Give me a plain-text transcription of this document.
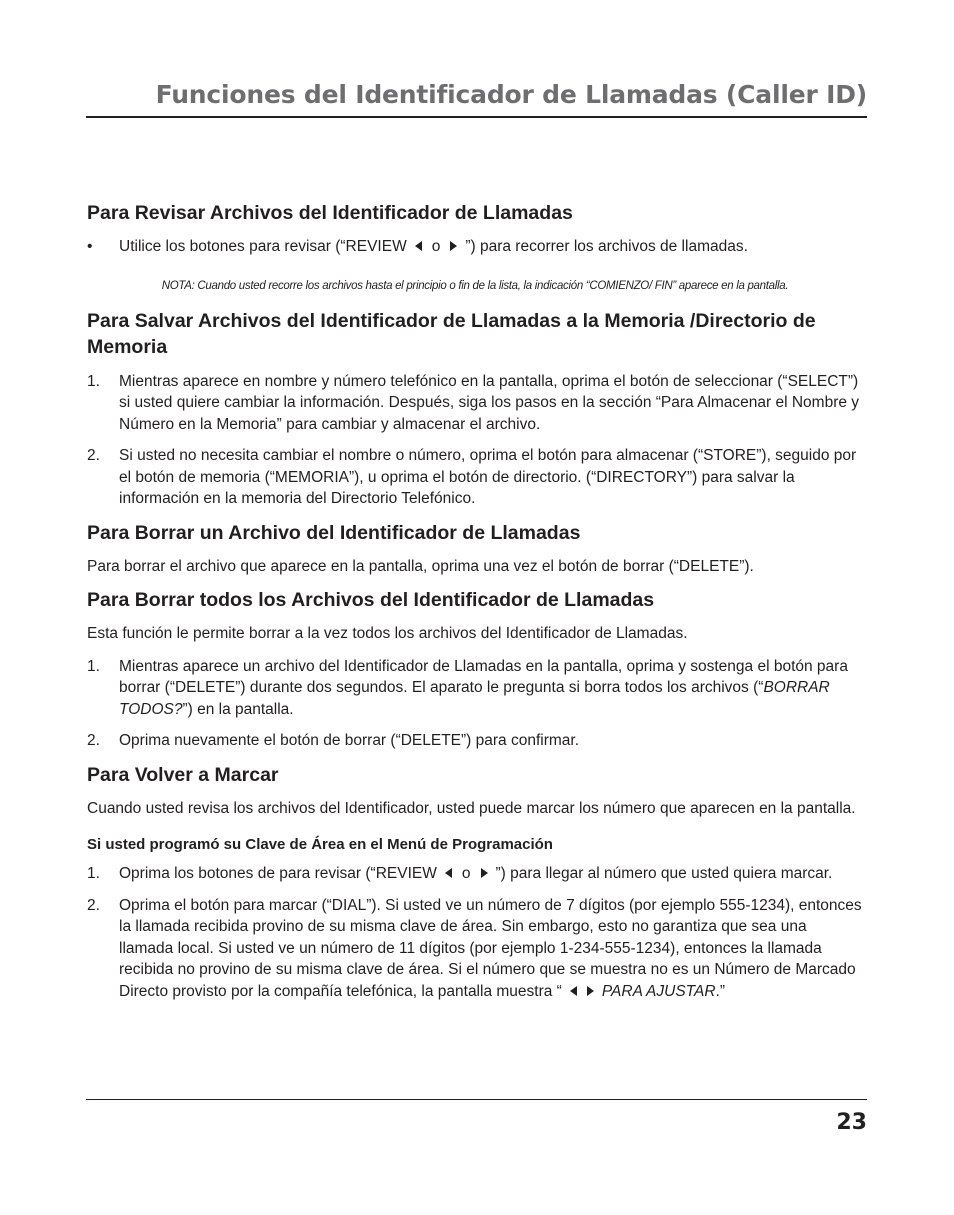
Funciones del Identificador de Llamadas (Caller ID)
Para Revisar Archivos del Identificador de Llamadas
• Utilice los botones para revisar (“REVIEW o ”) para recorrer los archivos de llamadas.
NOTA: Cuando usted recorre los archivos hasta el principio o fin de la lista, la indicación “COMIENZO/ FIN” aparece en la pantalla.
Para Salvar Archivos del Identificador de Llamadas a la Memoria /Directorio de Memoria
1. Mientras aparece en nombre y número telefónico en la pantalla, oprima el botón de seleccionar (“SELECT”) si usted quiere cambiar la información. Después, siga los pasos en la sección “Para Almacenar el Nombre y Número en la Memoria” para cambiar y almacenar el archivo.
2. Si usted no necesita cambiar el nombre o número, oprima el botón para almacenar (“STORE”), seguido por el botón de memoria (“MEMORIA”), u oprima el botón de directorio. (“DIRECTORY”) para salvar la información en la memoria del Directorio Telefónico.
Para Borrar un Archivo del Identificador de Llamadas

Para borrar el archivo que aparece en la pantalla, oprima una vez el botón de borrar (“DELETE”).

Para Borrar todos los Archivos del Identificador de Llamadas

Esta función le permite borrar a la vez todos los archivos del Identificador de Llamadas.

1. Mientras aparece un archivo del Identificador de Llamadas en la pantalla, oprima y sostenga el botón para borrar (“DELETE”) durante dos segundos. El aparato le pregunta si borra todos los archivos (“BORRAR TODOS?”) en la pantalla.
2. Oprima nuevamente el botón de borrar (“DELETE”) para confirmar.
Para Volver a Marcar

Cuando usted revisa los archivos del Identificador, usted puede marcar los número que aparecen en la pantalla.

Si usted programó su Clave de Área en el Menú de Programación
1. Oprima los botones de para revisar (“REVIEW o ”) para llegar al número que usted quiera marcar.
2. Oprima el botón para marcar (“DIAL”). Si usted ve un número de 7 dígitos (por ejemplo 555-1234), entonces la llamada recibida provino de su misma clave de área. Sin embargo, esto no garantiza que sea una llamada local. Si usted ve un número de 11 dígitos (por ejemplo 1-234-555-1234), entonces la llamada recibida no provino de su misma clave de área. Si el número que se muestra no es un Número de Marcado Directo provisto por la compañía telefónica, la pantalla muestra “	PARA AJUSTAR.”
23
